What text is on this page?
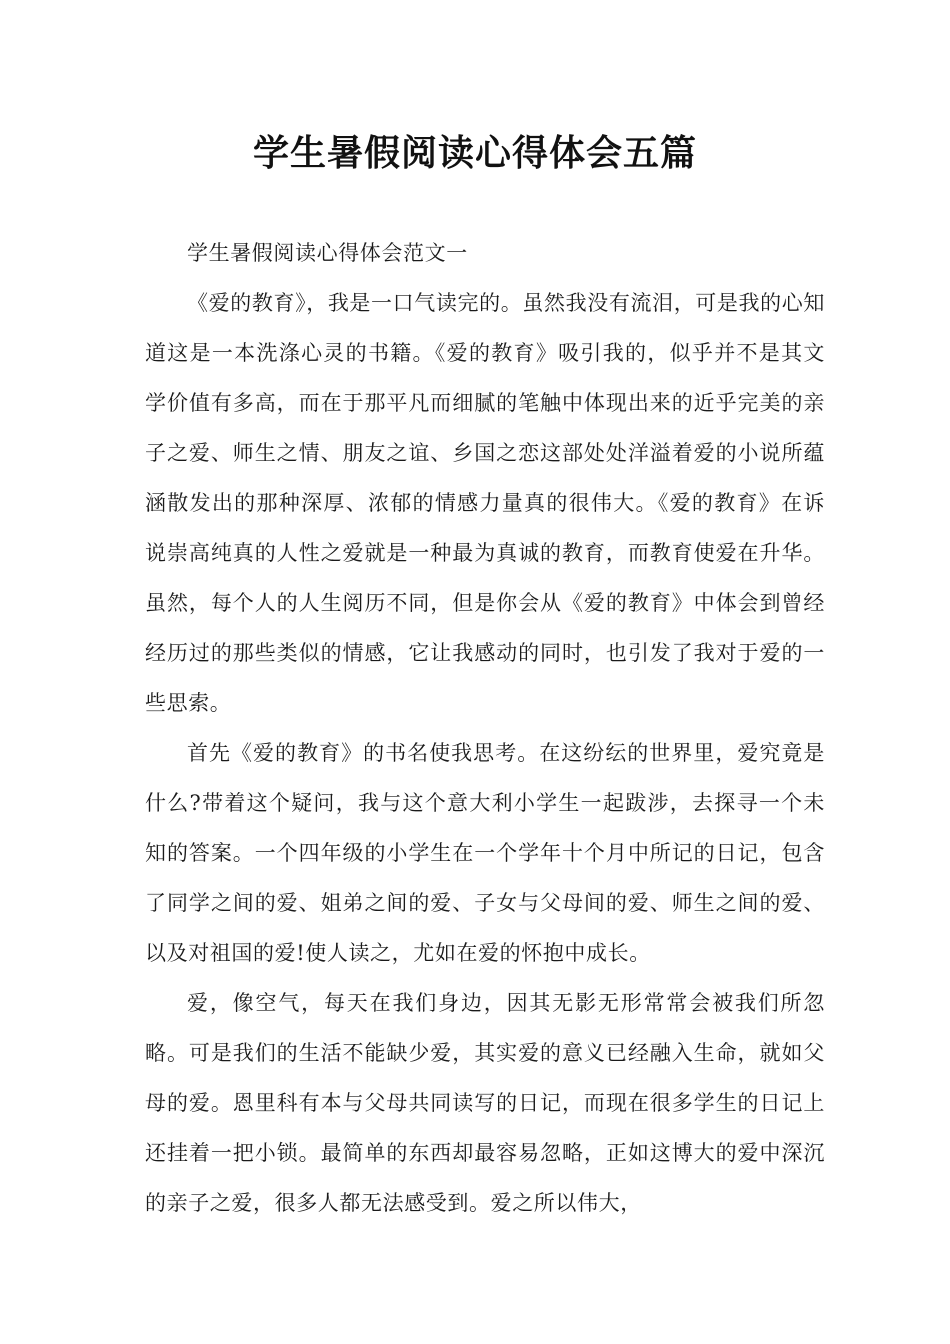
学生暑假阅读心得体会五篇

学生暑假阅读心得体会范文一

《爱的教育》，我是一口气读完的。虽然我没有流泪，可是我的心知道这是一本洗涤心灵的书籍。《爱的教育》吸引我的，似乎并不是其文学价值有多高，而在于那平凡而细腻的笔触中体现出来的近乎完美的亲子之爱、师生之情、朋友之谊、乡国之恋这部处处洋溢着爱的小说所蕴涵散发出的那种深厚、浓郁的情感力量真的很伟大。《爱的教育》在诉说崇高纯真的人性之爱就是一种最为真诚的教育，而教育使爱在升华。虽然，每个人的人生阅历不同，但是你会从《爱的教育》中体会到曾经经历过的那些类似的情感，它让我感动的同时，也引发了我对于爱的一些思索。

首先《爱的教育》的书名使我思考。在这纷纭的世界里，爱究竟是什么?带着这个疑问，我与这个意大利小学生一起跋涉，去探寻一个未知的答案。一个四年级的小学生在一个学年十个月中所记的日记，包含了同学之间的爱、姐弟之间的爱、子女与父母间的爱、师生之间的爱、以及对祖国的爱!使人读之，尤如在爱的怀抱中成长。

爱，像空气，每天在我们身边，因其无影无形常常会被我们所忽略。可是我们的生活不能缺少爱，其实爱的意义已经融入生命，就如父母的爱。恩里科有本与父母共同读写的日记，而现在很多学生的日记上还挂着一把小锁。最简单的东西却最容易忽略，正如这博大的爱中深沉的亲子之爱，很多人都无法感受到。爱之所以伟大，
